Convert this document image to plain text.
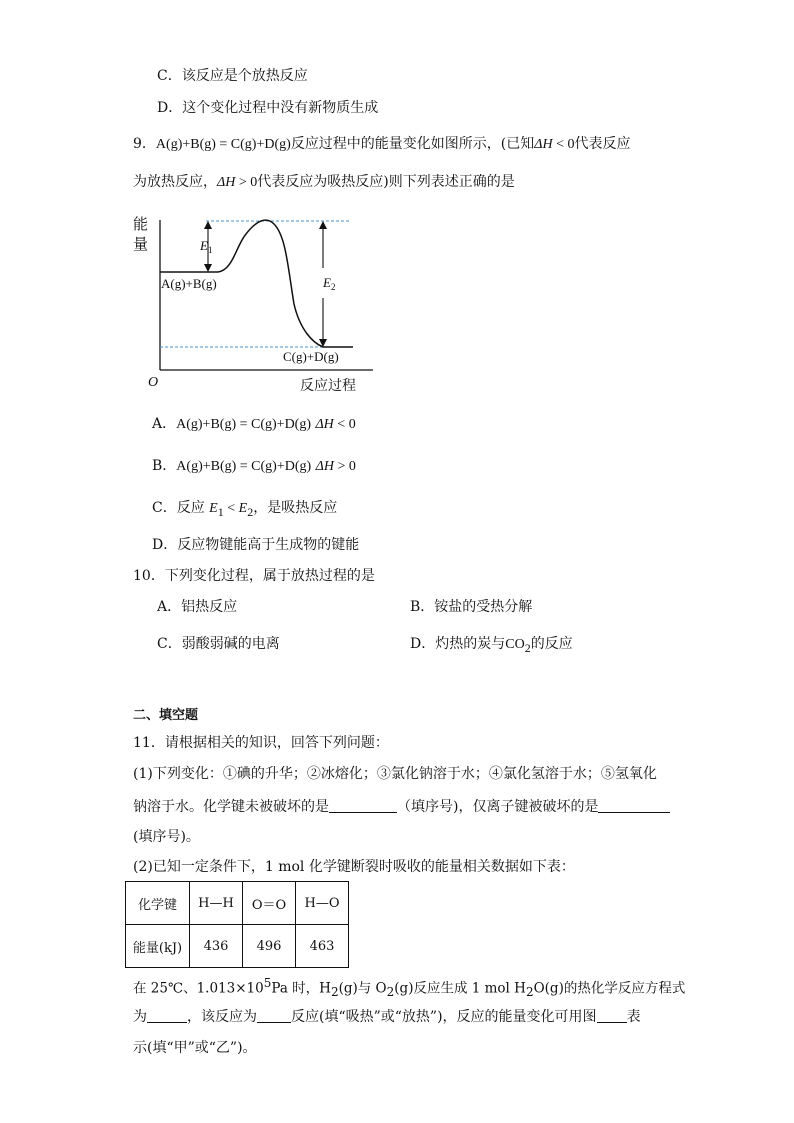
C．该反应是个放热反应
D．这个变化过程中没有新物质生成
9．A(g)+B(g) = C(g)+D(g)反应过程中的能量变化如图所示，(已知ΔH < 0代表反应
为放热反应，ΔH > 0代表反应为吸热反应)则下列表述正确的是
能
量
O	反应过程
A(g)+B(g)
C(g)+D(g)
$E_1$
$E_2$
A．A(g)+B(g) = C(g)+D(g) ΔH < 0
B．A(g)+B(g) = C(g)+D(g) ΔH > 0
C．反应 $E_1 < E_2$，是吸热反应
D．反应物键能高于生成物的键能
10．下列变化过程，属于放热过程的是
A．铝热反应	B．铵盐的受热分解
C．弱酸弱碱的电离	D．灼热的炭与$CO_2$的反应
二、填空题
11．请根据相关的知识，回答下列问题：
(1)下列变化：①碘的升华；②冰熔化；③氯化钠溶于水；④氯化氢溶于水；⑤氢氧化
钠溶于水。化学键未被破坏的是	（填序号)，仅离子键被破坏的是
(填序号)。
(2)已知一定条件下，1 mol 化学键断裂时吸收的能量相关数据如下表：
化学键	H—H	O＝O	H—O
能量(kJ)	436	496	463
在 25℃、$1.013\times 10^5Pa$ 时，$H_2(g)$与 $O_2(g)$反应生成 1 mol $H_2O(g)$的热化学反应方程式
为	，该反应为 反应(填“吸热”或“放热”)，反应的能量变化可用图 表
示(填“甲”或“乙”)。
